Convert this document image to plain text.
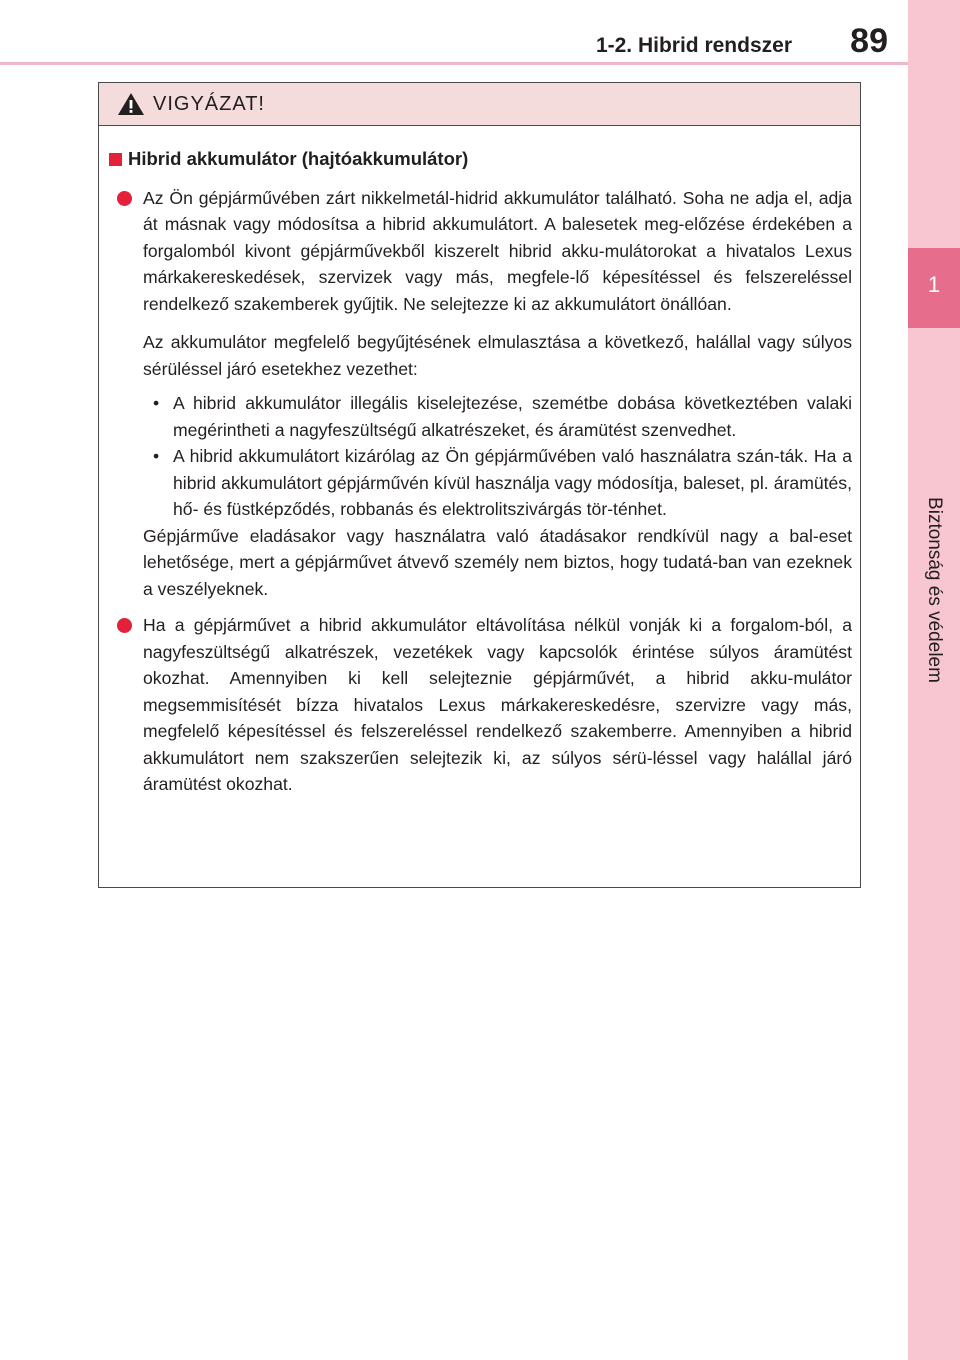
1
Biztonság és védelem
1-2. Hibrid rendszer 89
VIGYÁZAT!
Hibrid akkumulátor (hajtóakkumulátor)
Az Ön gépjárművében zárt nikkelmetál-hidrid akkumulátor található. Soha ne adja el, adja át másnak vagy módosítsa a hibrid akkumulátort. A balesetek meg-előzése érdekében a forgalomból kivont gépjárművekből kiszerelt hibrid akku-mulátorokat a hivatalos Lexus márkakereskedések, szervizek vagy más, megfele-lő képesítéssel és felszereléssel rendelkező szakemberek gyűjtik. Ne selejtezze ki az akkumulátort önállóan.
Az akkumulátor megfelelő begyűjtésének elmulasztása a következő, halállal vagy súlyos sérüléssel járó esetekhez vezethet:
• A hibrid akkumulátor illegális kiselejtezése, szemétbe dobása következtében valaki megérintheti a nagyfeszültségű alkatrészeket, és áramütést szenvedhet.
• A hibrid akkumulátort kizárólag az Ön gépjárművében való használatra szán-ták. Ha a hibrid akkumulátort gépjárművén kívül használja vagy módosítja, baleset, pl. áramütés, hő- és füstképződés, robbanás és elektrolitszivárgás tör-ténhet.
Gépjárműve eladásakor vagy használatra való átadásakor rendkívül nagy a bal-eset lehetősége, mert a gépjárművet átvevő személy nem biztos, hogy tudatá-ban van ezeknek a veszélyeknek.
Ha a gépjárművet a hibrid akkumulátor eltávolítása nélkül vonják ki a forgalom-ból, a nagyfeszültségű alkatrészek, vezetékek vagy kapcsolók érintése súlyos áramütést okozhat. Amennyiben ki kell selejteznie gépjárművét, a hibrid akku-mulátor megsemmisítését bízza hivatalos Lexus márkakereskedésre, szervizre vagy más, megfelelő képesítéssel és felszereléssel rendelkező szakemberre. Amennyiben a hibrid akkumulátort nem szakszerűen selejtezik ki, az súlyos sérü-léssel vagy halállal járó áramütést okozhat.
